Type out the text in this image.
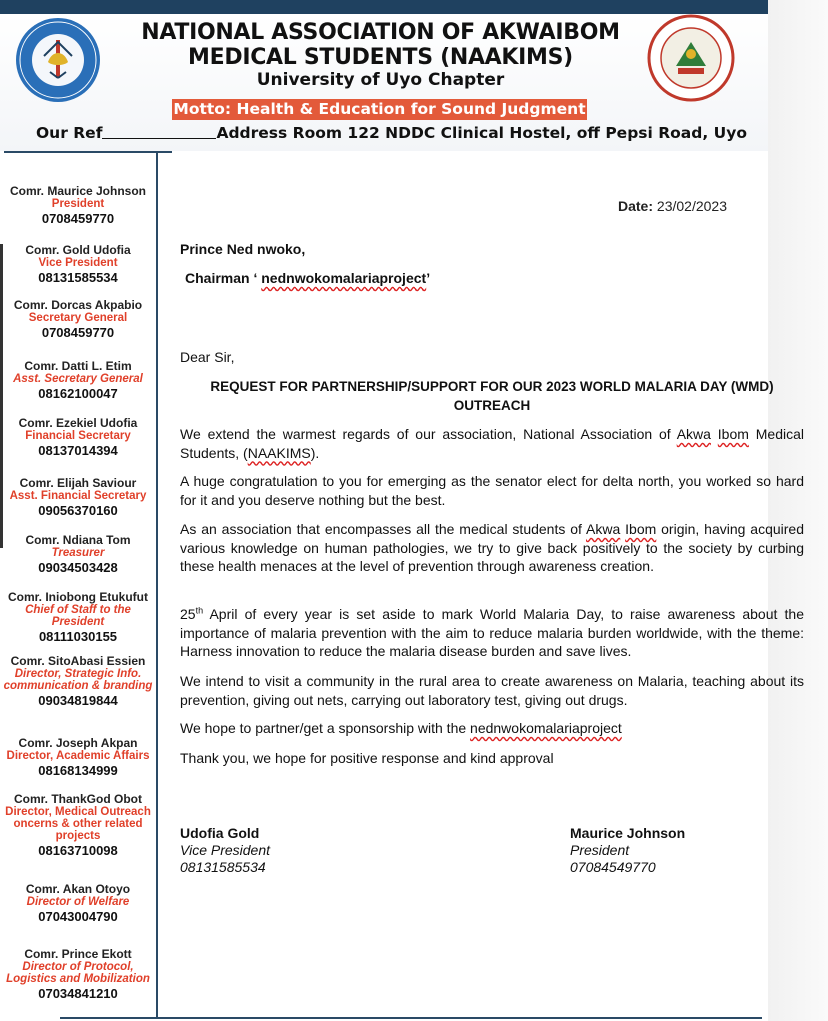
NATIONAL ASSOCIATION OF AKWAIBOM
MEDICAL STUDENTS (NAAKIMS)
University of Uyo Chapter
Motto: Health & Education for Sound Judgment
Our Ref	Address Room 122 NDDC Clinical Hostel, off Pepsi Road, Uyo
Comr. Maurice Johnson
President
0708459770
Comr. Gold Udofia
Vice President
08131585534
Comr. Dorcas Akpabio
Secretary General
0708459770
Comr. Datti L. Etim
Asst. Secretary General
08162100047
Comr. Ezekiel Udofia
Financial Secretary
08137014394
Comr. Elijah Saviour
Asst. Financial Secretary
09056370160
Comr. Ndiana Tom
Treasurer
09034503428
Comr. Iniobong Etukufut
Chief of Staff to the President
08111030155
Comr. SitoAbasi Essien
Director, Strategic Info.
communication & branding
09034819844
Comr. Joseph Akpan
Director, Academic Affairs
08168134999
Comr. ThankGod Obot
Director, Medical Outreach
oncerns & other related projects
08163710098
Comr. Akan Otoyo
Director of Welfare
07043004790
Comr. Prince Ekott
Director of Protocol,
Logistics and Mobilization
07034841210
Date: 23/02/2023
Prince Ned nwoko,
Chairman ‘ nednwokomalariaproject’
Dear Sir,
REQUEST FOR PARTNERSHIP/SUPPORT FOR OUR 2023 WORLD MALARIA DAY (WMD) OUTREACH
We extend the warmest regards of our association, National Association of Akwa Ibom Medical Students, (NAAKIMS).
A huge congratulation to you for emerging as the senator elect for delta north, you worked so hard for it and you deserve nothing but the best.
As an association that encompasses all the medical students of Akwa Ibom origin, having acquired various knowledge on human pathologies, we try to give back positively to the society by curbing these health menaces at the level of prevention through awareness creation.
25th April of every year is set aside to mark World Malaria Day, to raise awareness about the importance of malaria prevention with the aim to reduce malaria burden worldwide, with the theme: Harness innovation to reduce the malaria disease burden and save lives.
We intend to visit a community in the rural area to create awareness on Malaria, teaching about its prevention, giving out nets, carrying out laboratory test, giving out drugs.
We hope to partner/get a sponsorship with the nednwokomalariaproject
Thank you, we hope for positive response and kind approval
Udofia Gold
Vice President
08131585534
Maurice Johnson
President
07084549770
